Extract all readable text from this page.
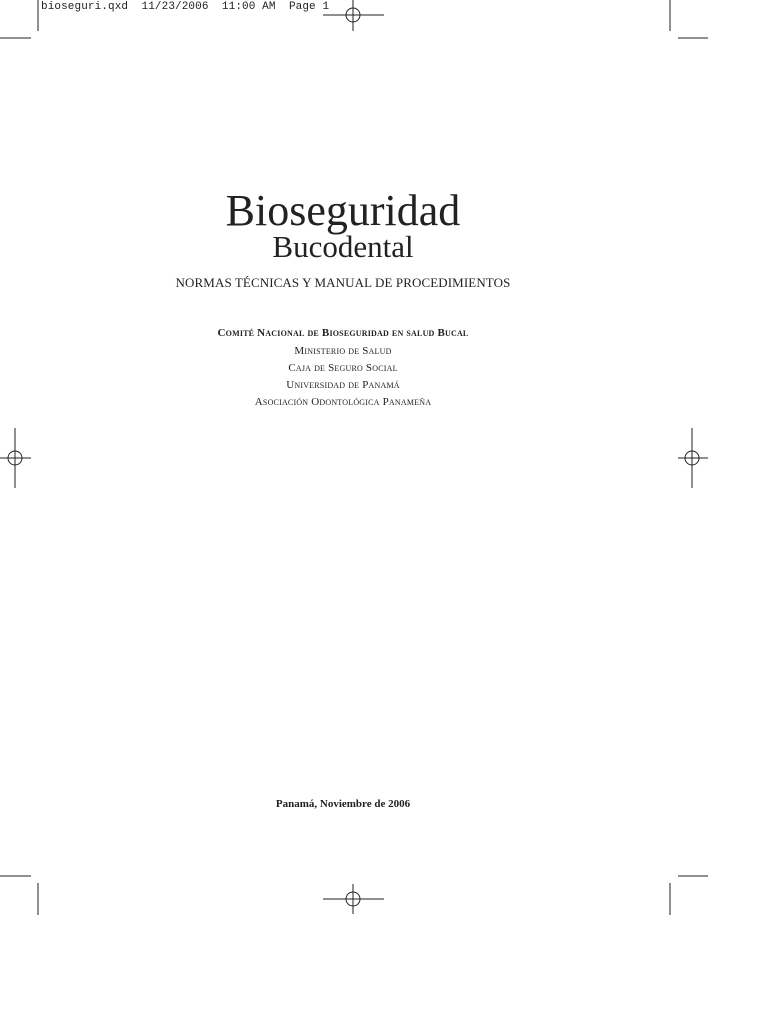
bioseguri.qxd  11/23/2006  11:00 AM  Page 1
Bioseguridad
Bucodental
NORMAS TÉCNICAS Y MANUAL DE PROCEDIMIENTOS
Comité Nacional de Bioseguridad en salud Bucal
Ministerio de Salud
Caja de Seguro Social
Universidad de Panamá
Asociación Odontológica Panameña
Panamá, Noviembre de 2006
